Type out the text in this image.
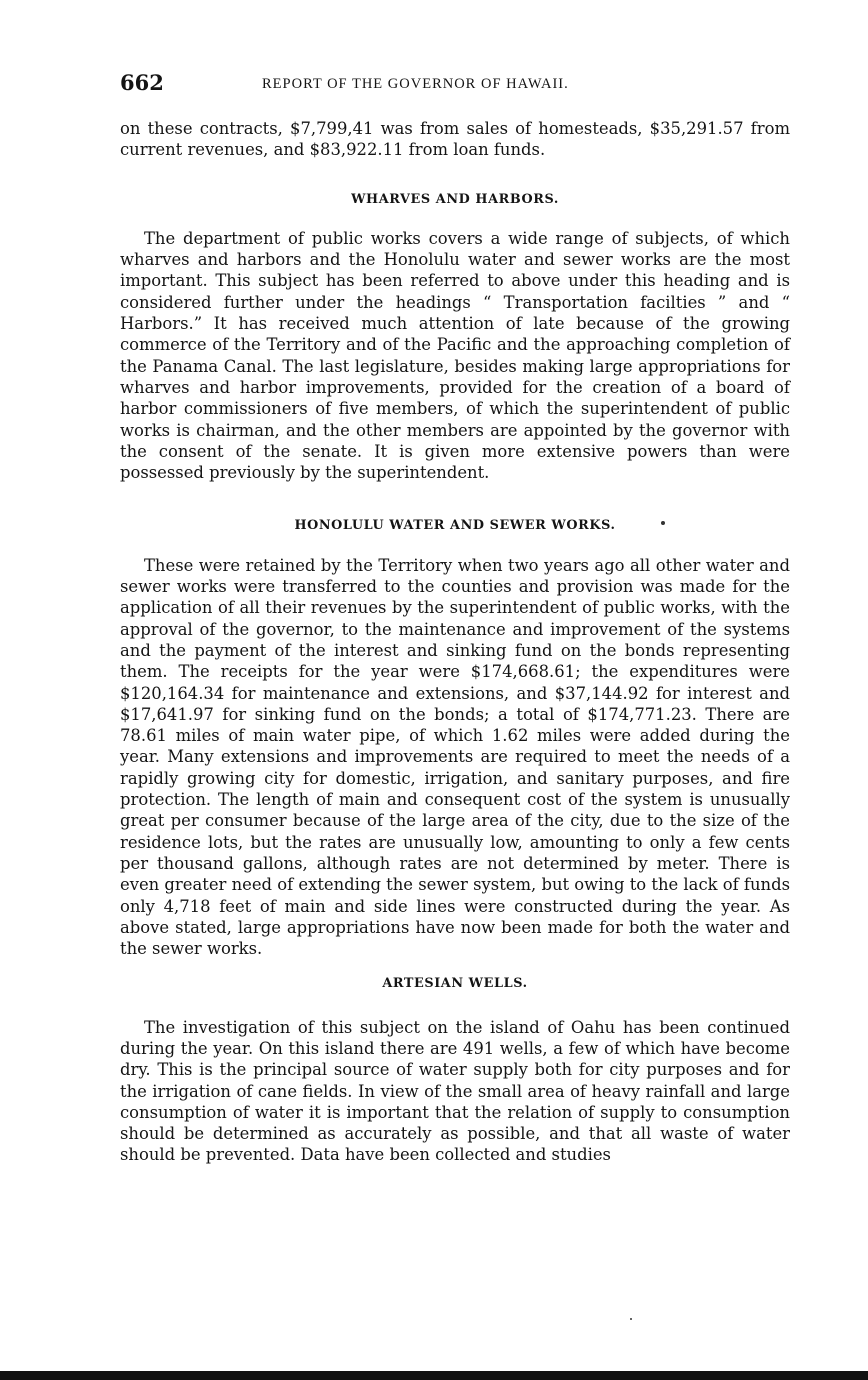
662	REPORT OF THE GOVERNOR OF HAWAII.

on these contracts, $7,799,41 was from sales of homesteads, $35,291.57 from current revenues, and $83,922.11 from loan funds.

WHARVES AND HARBORS.

The department of public works covers a wide range of subjects, of which wharves and harbors and the Honolulu water and sewer works are the most important. This subject has been referred to above under this heading and is considered further under the headings “ Transportation facilties ” and “ Harbors.” It has received much attention of late because of the growing commerce of the Territory and of the Pacific and the approaching completion of the Panama Canal. The last legislature, besides making large appropriations for wharves and harbor improvements, provided for the creation of a board of harbor commissioners of five members, of which the superintendent of public works is chairman, and the other members are appointed by the governor with the consent of the senate. It is given more extensive powers than were possessed previously by the superintendent.

HONOLULU WATER AND SEWER WORKS.

These were retained by the Territory when two years ago all other water and sewer works were transferred to the counties and provision was made for the application of all their revenues by the superintendent of public works, with the approval of the governor, to the maintenance and improvement of the systems and the payment of the interest and sinking fund on the bonds representing them. The receipts for the year were $174,668.61; the expenditures were $120,164.34 for maintenance and extensions, and $37,144.92 for interest and $17,641.97 for sinking fund on the bonds; a total of $174,771.23. There are 78.61 miles of main water pipe, of which 1.62 miles were added during the year. Many extensions and improvements are required to meet the needs of a rapidly growing city for domestic, irrigation, and sanitary purposes, and fire protection. The length of main and consequent cost of the system is unusually great per consumer because of the large area of the city, due to the size of the residence lots, but the rates are unusually low, amounting to only a few cents per thousand gallons, although rates are not determined by meter. There is even greater need of extending the sewer system, but owing to the lack of funds only 4,718 feet of main and side lines were constructed during the year. As above stated, large appropriations have now been made for both the water and the sewer works.

ARTESIAN WELLS.

The investigation of this subject on the island of Oahu has been continued during the year. On this island there are 491 wells, a few of which have become dry. This is the principal source of water supply both for city purposes and for the irrigation of cane fields. In view of the small area of heavy rainfall and large consumption of water it is important that the relation of supply to consumption should be determined as accurately as possible, and that all waste of water should be prevented. Data have been collected and studies
